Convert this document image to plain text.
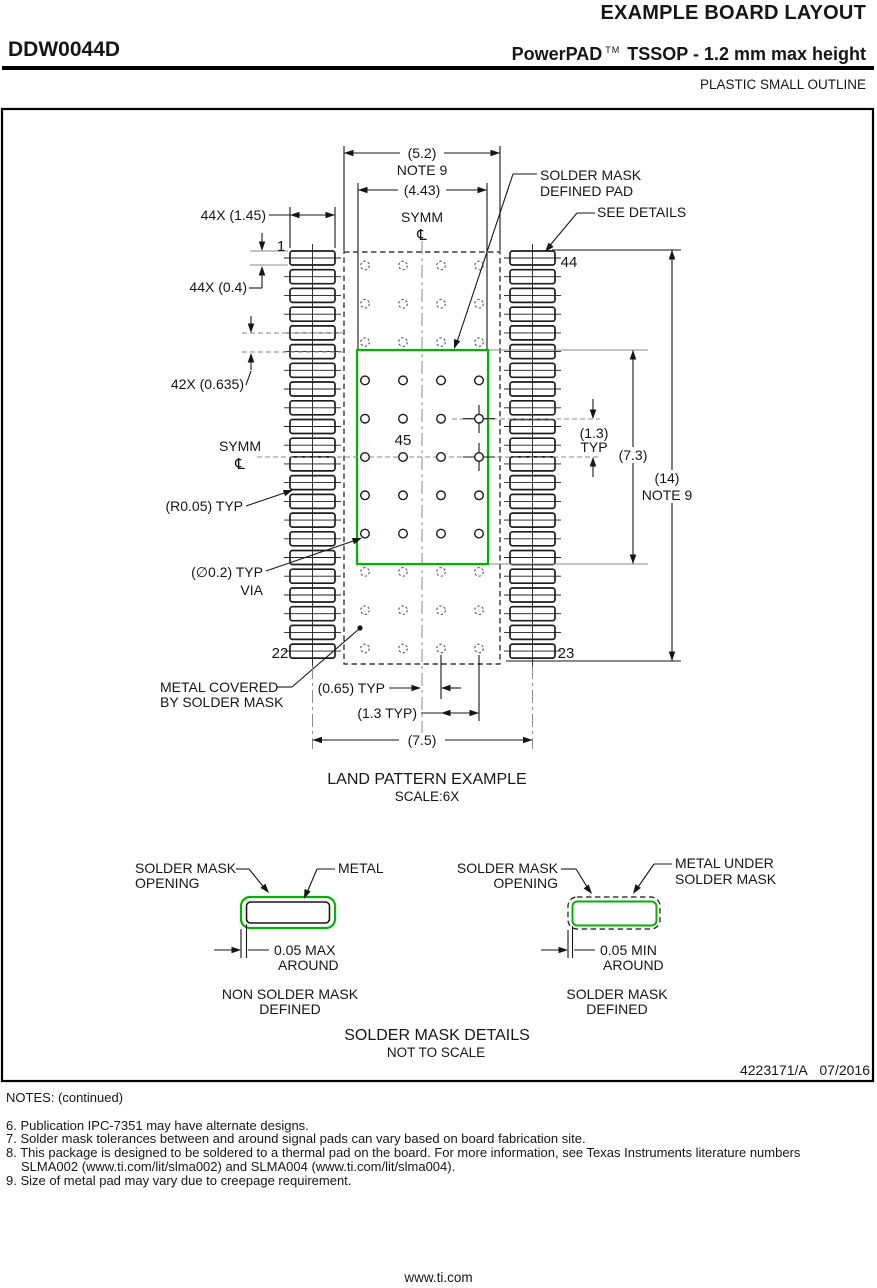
EXAMPLE BOARD LAYOUT
DDW0044D	PowerPAD ™ TSSOP - 1.2 mm max height
PLASTIC SMALL OUTLINE
(5.2)
NOTE 9
(4.43)
SYMM
℄
44X (1.45)
1
44X (0.4)
42X (0.635)
SYMM
℄
(R0.05) TYP
(∅0.2) TYP
VIA
22	23
44
45
METAL COVERED
BY SOLDER MASK
(0.65) TYP
(1.3 TYP)
(7.5)
LAND PATTERN EXAMPLE
SCALE:6X
(1.3)
TYP (7.3)
(14)
NOTE 9
SOLDER MASK
DEFINED PAD
SEE DETAILS
SOLDER MASK
OPENING
METAL
0.05 MAX
AROUND
NON SOLDER MASK
DEFINED
SOLDER MASK
OPENING
METAL UNDER
SOLDER MASK
0.05 MIN
AROUND
SOLDER MASK
DEFINED
SOLDER MASK DETAILS
NOT TO SCALE
4223171/A   07/2016
NOTES: (continued)
6. Publication IPC-7351 may have alternate designs.
7. Solder mask tolerances between and around signal pads can vary based on board fabrication site.
8. This package is designed to be soldered to a thermal pad on the board. For more information, see Texas Instruments literature numbers SLMA002 (www.ti.com/lit/slma002) and SLMA004 (www.ti.com/lit/slma004).
9. Size of metal pad may vary due to creepage requirement.
www.ti.com
